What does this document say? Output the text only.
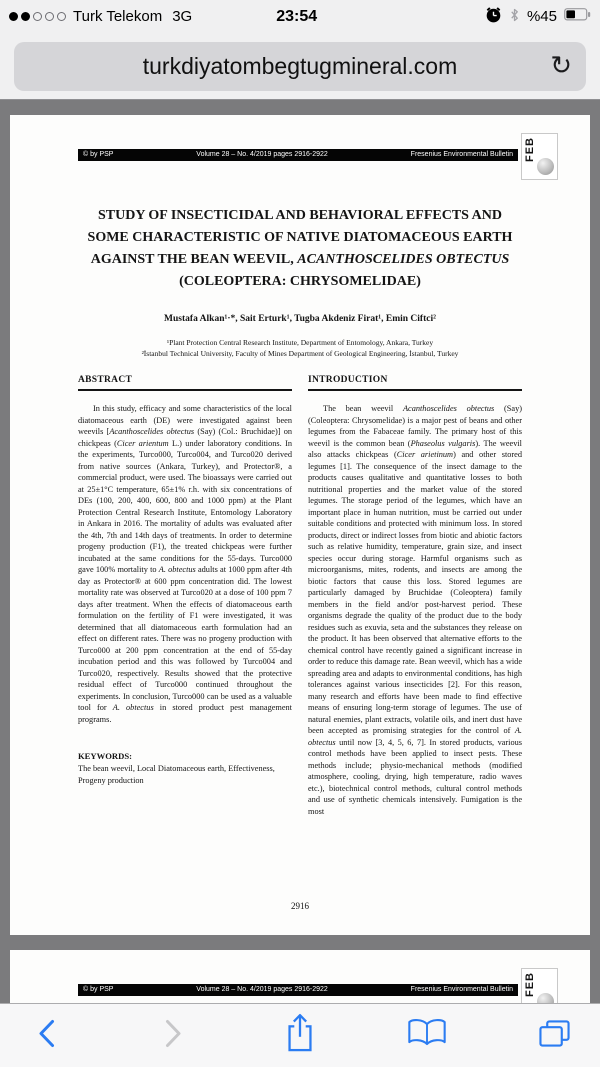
Turk Telekom 3G	23:54	%45
turkdiyatombegtugmineral.com	↻
© by PSP	Volume 28 – No. 4/2019 pages 2916-2922	Fresenius Environmental Bulletin FEB
STUDY OF INSECTICIDAL AND BEHAVIORAL EFFECTS AND SOME CHARACTERISTIC OF NATIVE DIATOMACEOUS EARTH AGAINST THE BEAN WEEVIL, ACANTHOSCELIDES OBTECTUS (COLEOPTERA: CHRYSOMELIDAE)
Mustafa Alkan¹·*, Sait Erturk¹, Tugba Akdeniz Firat¹, Emin Ciftci²
¹Plant Protection Central Research Institute, Department of Entomology, Ankara, Turkey
²İstanbul Technical University, Faculty of Mines Department of Geological Engineering, İstanbul, Turkey
ABSTRACT
In this study, efficacy and some characteristics of the local diatomaceous earth (DE) were investigated against been weevils [Acanthoscelides obtectus (Say) (Col.: Bruchidae)] on chickpeas (Cicer arientum L.) under laboratory conditions. In the experiments, Turco000, Turco004, and Turco020 derived from native sources (Ankara, Turkey), and Protector®, a commercial product, were used. The bioassays were carried out at 25±1°C temperature, 65±1% r.h. with six concentrations of DEs (100, 200, 400, 600, 800 and 1000 ppm) at the Plant Protection Central Research Institute, Entomology Laboratory in Ankara in 2016. The mortality of adults was evaluated after the 4th, 7th and 14th days of treatments. In order to determine progeny production (F1), the treated chickpeas were further incubated at the same conditions for the 55-days. Turco000 gave 100% mortality to A. obtectus adults at 1000 ppm after 4th day as Protector® at 600 ppm concentration did. The lowest mortality rate was observed at Turco020 at a dose of 100 ppm 7 days after treatment. When the effects of diatomaceous earth formulation on the fertility of F1 were investigated, it was determined that all diatomaceous earth formulation had an effect on different rates. There was no progeny production with Turco000 at 200 ppm concentration at the end of 55-day incubation period and this was followed by Turco004 and Turco020, respectively. Results showed that the protective residual effect of Turco000 continued throughout the experiments. In conclusion, Turco000 can be used as a valuable tool for A. obtectus in stored product pest management programs.
KEYWORDS:
The bean weevil, Local Diatomaceous earth, Effectiveness, Progeny production
INTRODUCTION
The bean weevil Acanthoscelides obtectus (Say) (Coleoptera: Chrysomelidae) is a major pest of beans and other legumes from the Fabaceae family. The primary host of this weevil is the common bean (Phaseolus vulgaris). The weevil also attacks chickpeas (Cicer arietinum) and other stored legumes [1]. The consequence of the insect damage to the products causes qualitative and quantitative losses to both nutritional properties and the market value of the stored legumes. The storage period of the legumes, which have an important place in human nutrition, must be carried out under suitable conditions and protected with minimum loss. In stored products, direct or indirect losses from biotic and abiotic factors such as relative humidity, temperature, grain size, and insect species occur during storage. Harmful organisms such as microorganisms, mites, rodents, and insects are among the biotic factors that cause this loss. Stored legumes are particularly damaged by Bruchidae (Coleoptera) family members in the field and/or post-harvest period. These organisms degrade the quality of the product due to the body residues such as exuvia, seta and the substances they release on the product. It has been observed that alternative efforts to the chemical control have recently gained a significant increase in order to reduce this damage rate. Bean weevil, which has a wide spreading area and adapts to environmental conditions, has high tolerances against various insecticides [2]. For this reason, many research and efforts have been made to find effective means of ensuring long-term storage of legumes. The use of natural enemies, plant extracts, volatile oils, and inert dust have been accepted as promising strategies for the control of A. obtectus until now [3, 4, 5, 6, 7]. In stored products, various control methods have been applied to insect pests. These methods include; physio-mechanical methods (modified atmosphere, cooling, drying, high temperature, radio waves etc.), biotechnical control methods, cultural control methods and use of synthetic chemicals intensively. Fumigation is the most
2916
© by PSP	Volume 28 – No. 4/2019 pages 2916-2922	Fresenius Environmental Bulletin FEB
